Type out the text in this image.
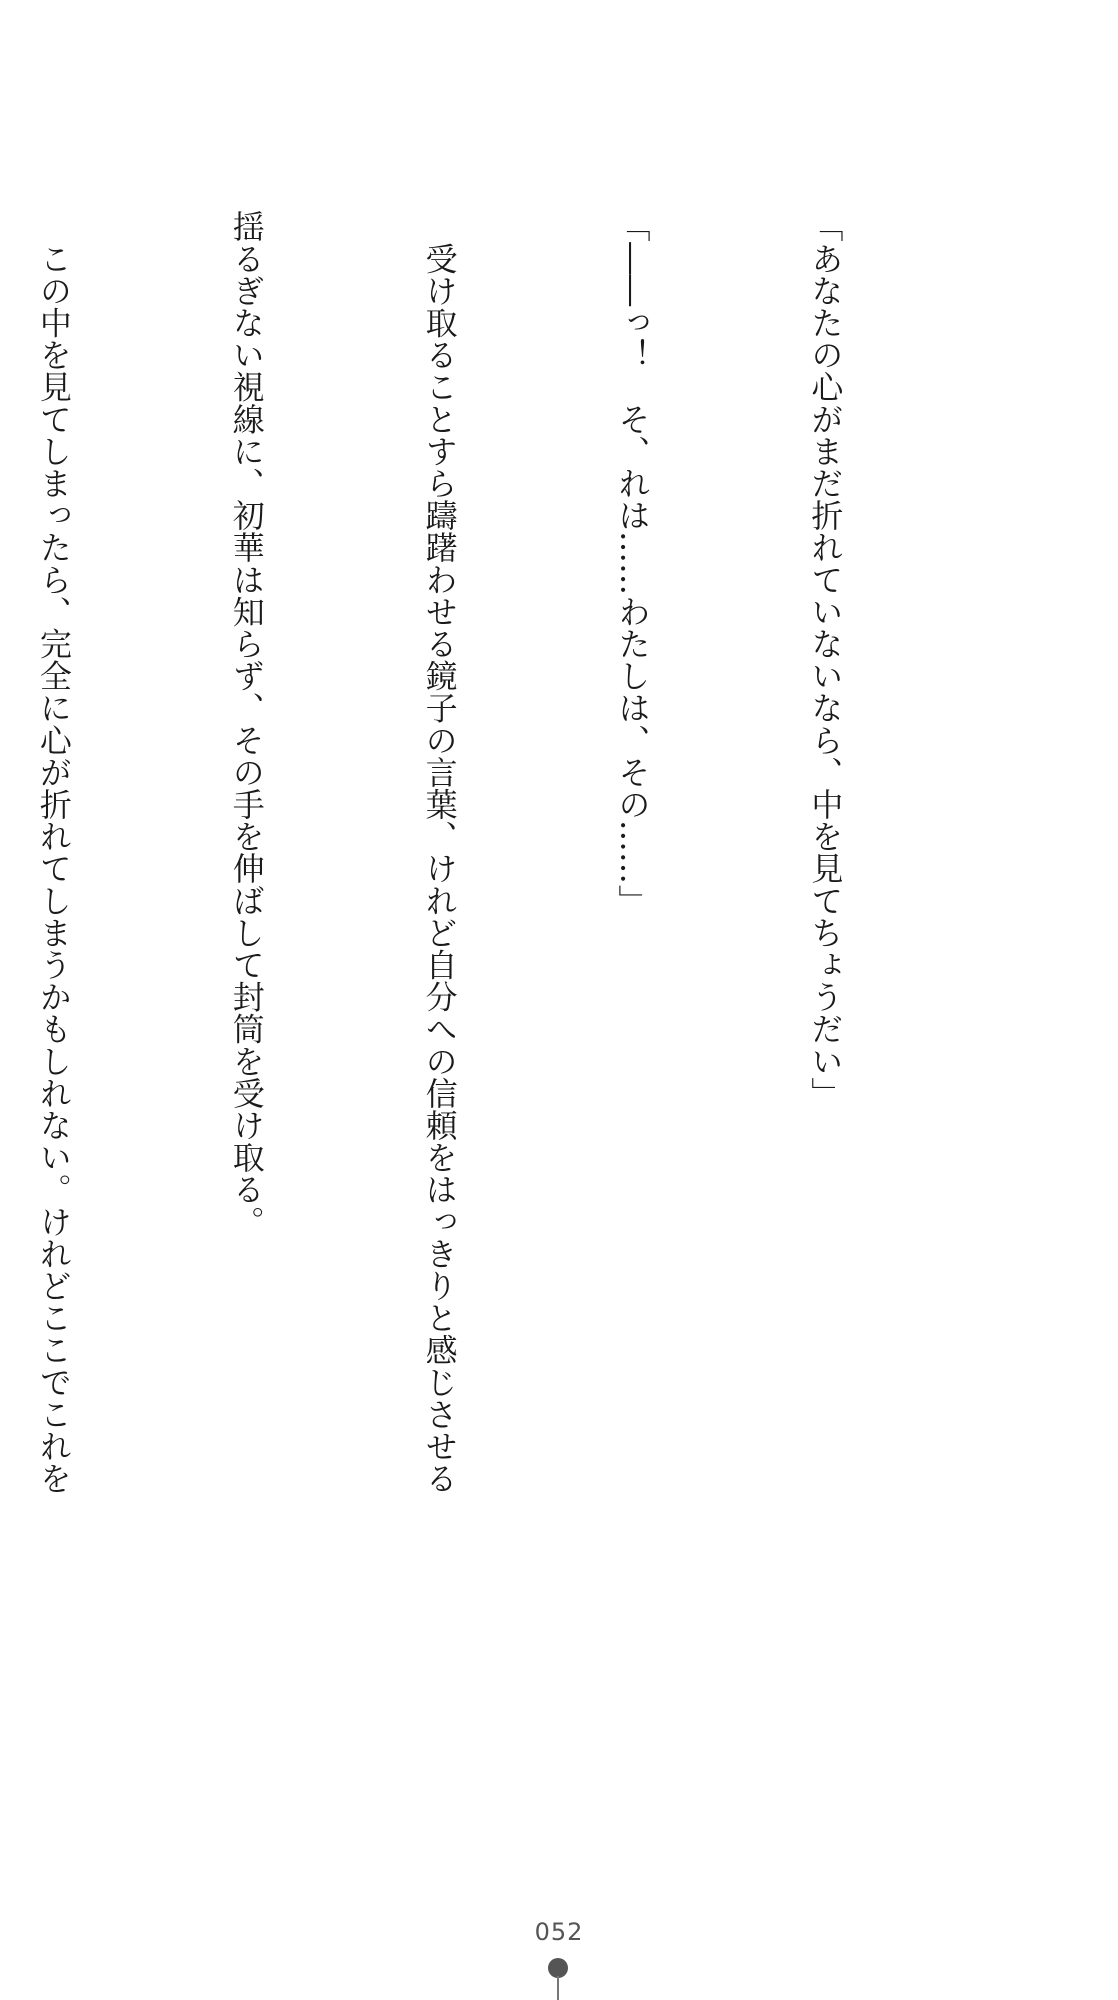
「あなたの心がまだ折れていないなら、中を見てちょうだい」

「――っ！　そ、れは……わたしは、その……」

　受け取ることすら躊躇わせる鏡子の言葉、けれど自分への信頼をはっきりと感じさせる

揺るぎない視線に、初華は知らず、その手を伸ばして封筒を受け取る。

　この中を見てしまったら、完全に心が折れてしまうかもしれない。けれどここでこれを

052
